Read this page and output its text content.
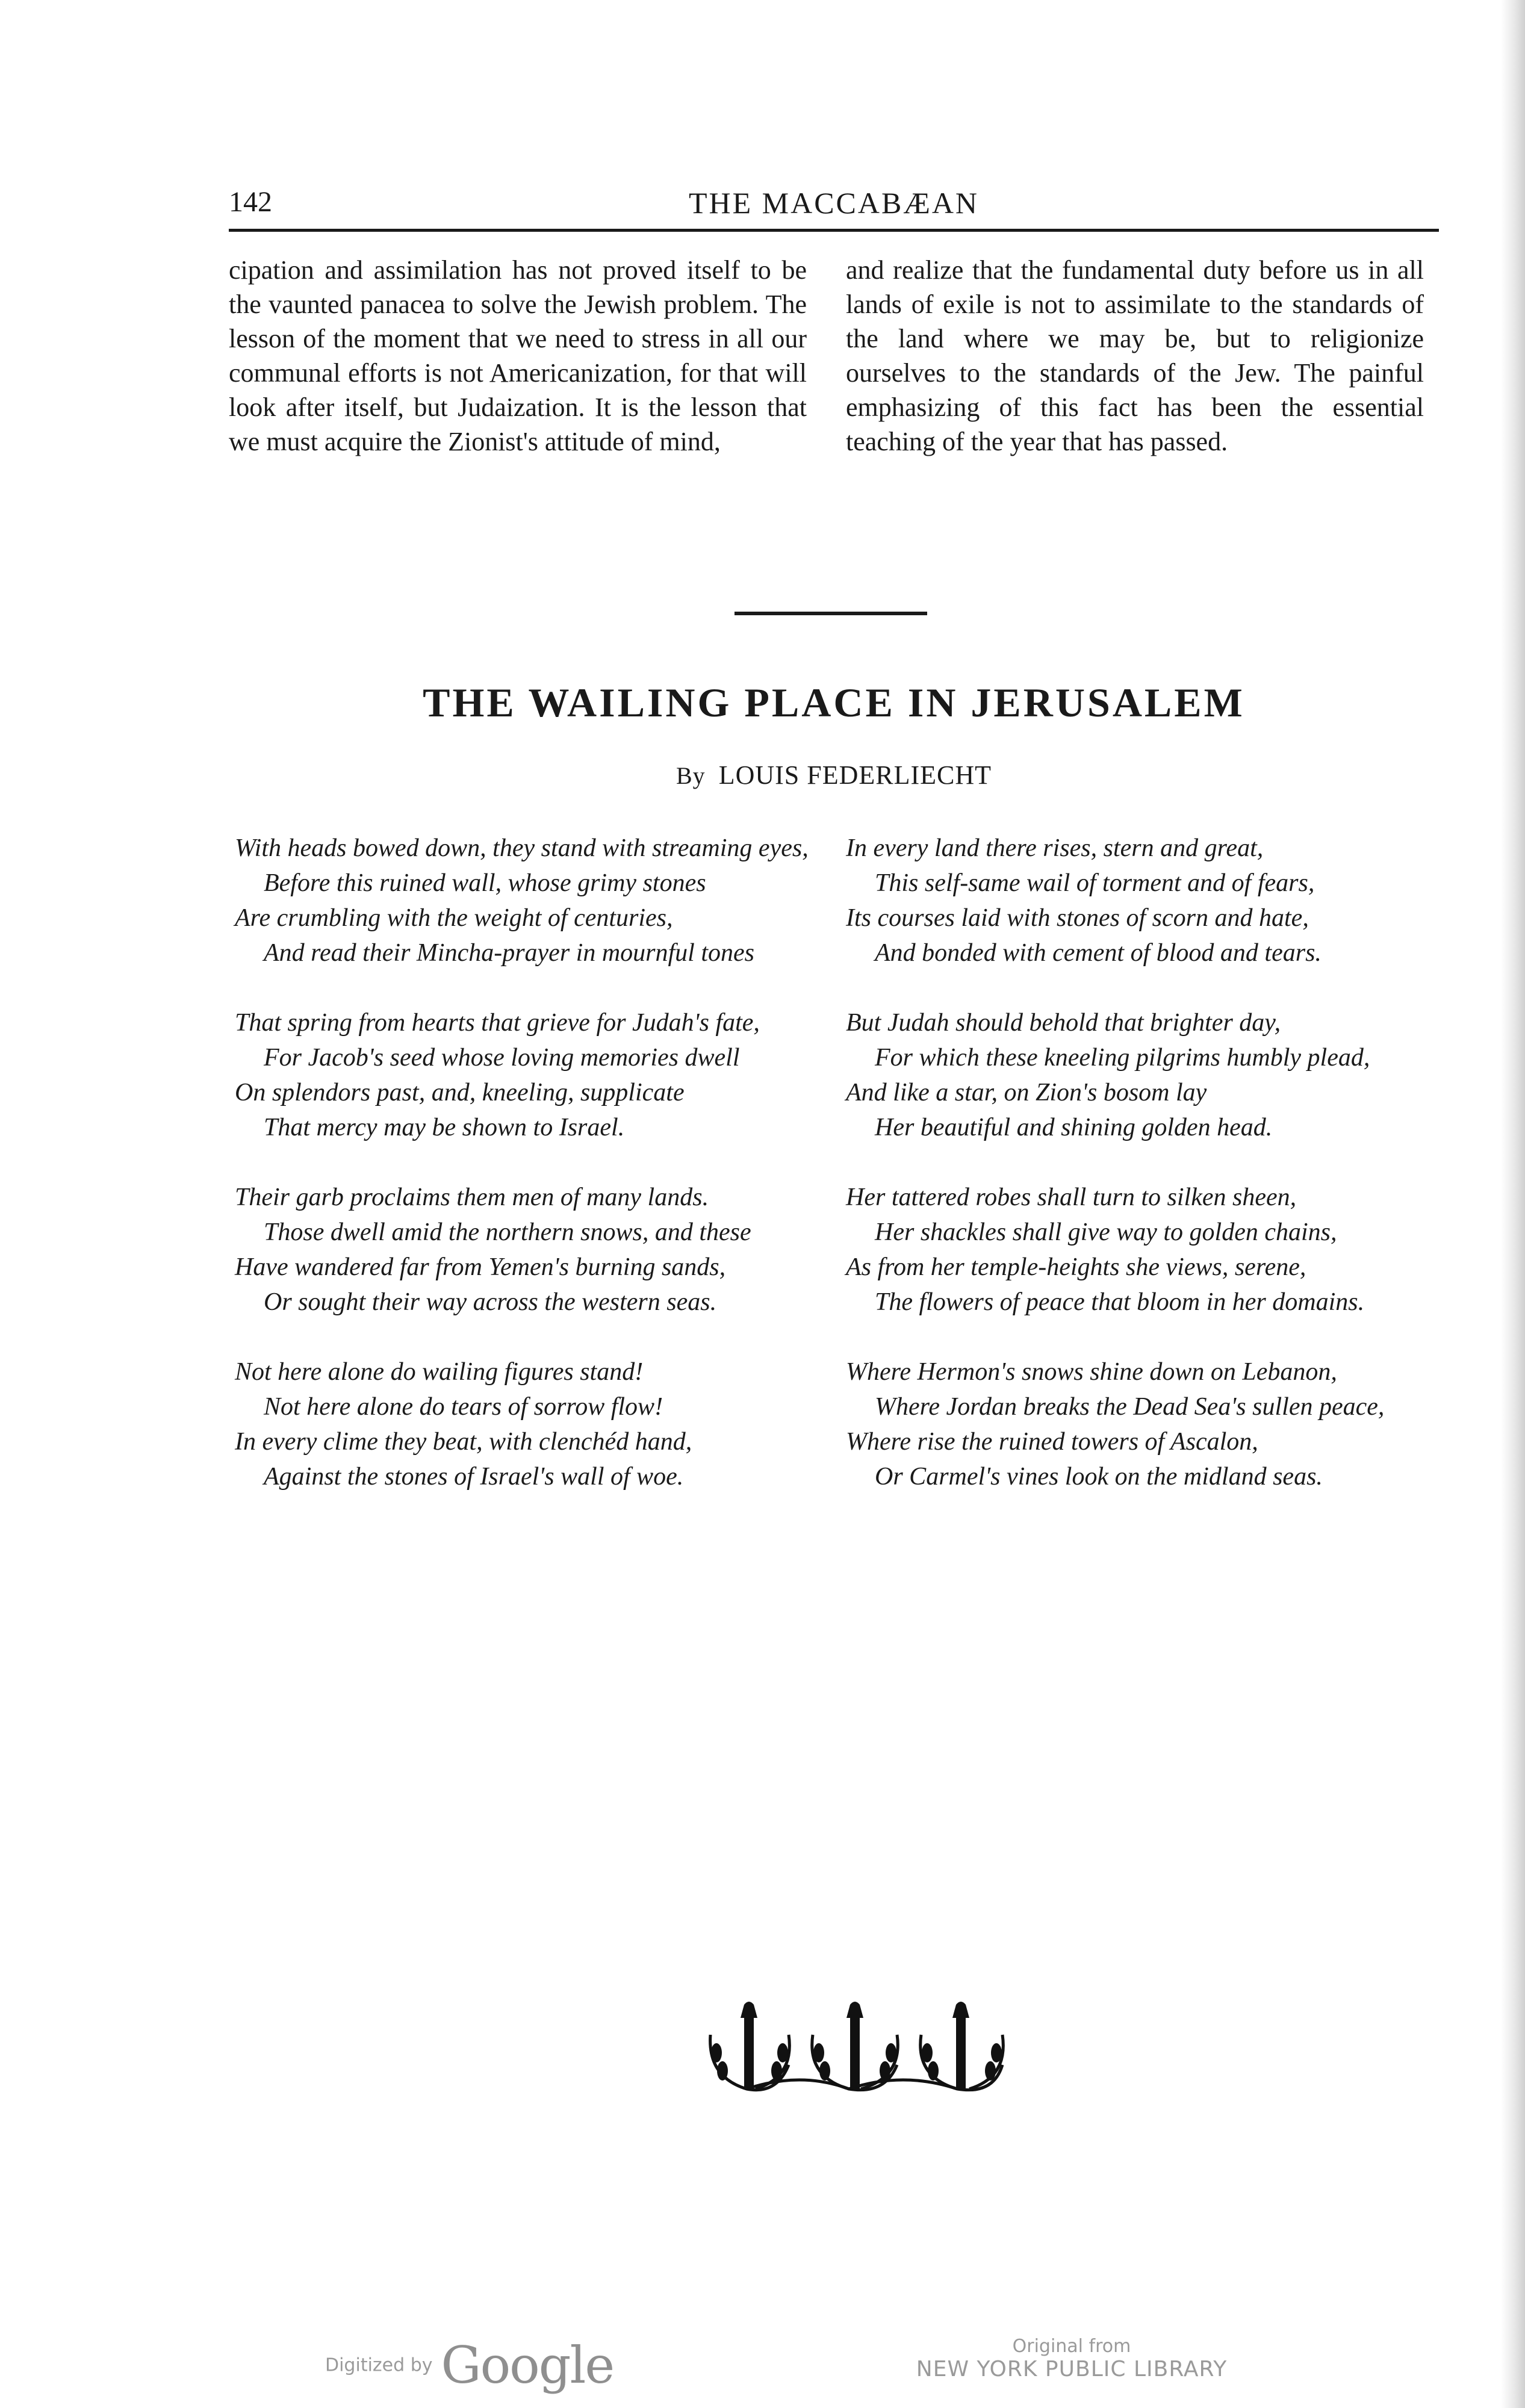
142	THE MACCABÆAN

cipation and assimilation has not proved itself to be the vaunted panacea to solve the Jewish problem. The lesson of the moment that we need to stress in all our communal efforts is not Americanization, for that will look after itself, but Judaization. It is the lesson that we must acquire the Zionist's attitude of mind,

and realize that the fundamental duty before us in all lands of exile is not to assimilate to the standards of the land where we may be, but to religionize ourselves to the standards of the Jew. The painful emphasizing of this fact has been the essential teaching of the year that has passed.

THE WAILING PLACE IN JERUSALEM
By LOUIS FEDERLIECHT
With heads bowed down, they stand with streaming eyes,
Before this ruined wall, whose grimy stones
Are crumbling with the weight of centuries,
And read their Mincha-prayer in mournful tones
That spring from hearts that grieve for Judah's fate,
For Jacob's seed whose loving memories dwell
On splendors past, and, kneeling, supplicate
That mercy may be shown to Israel.
Their garb proclaims them men of many lands.
Those dwell amid the northern snows, and these
Have wandered far from Yemen's burning sands,
Or sought their way across the western seas.
Not here alone do wailing figures stand!
Not here alone do tears of sorrow flow!
In every clime they beat, with clenchéd hand,
Against the stones of Israel's wall of woe.
In every land there rises, stern and great,
This self-same wail of torment and of fears,
Its courses laid with stones of scorn and hate,
And bonded with cement of blood and tears.
But Judah should behold that brighter day,
For which these kneeling pilgrims humbly plead,
And like a star, on Zion's bosom lay
Her beautiful and shining golden head.
Her tattered robes shall turn to silken sheen,
Her shackles shall give way to golden chains,
As from her temple-heights she views, serene,
The flowers of peace that bloom in her domains.
Where Hermon's snows shine down on Lebanon,
Where Jordan breaks the Dead Sea's sullen peace,
Where rise the ruined towers of Ascalon,
Or Carmel's vines look on the midland seas.
Digitized by Google	Original from
NEW YORK PUBLIC LIBRARY
